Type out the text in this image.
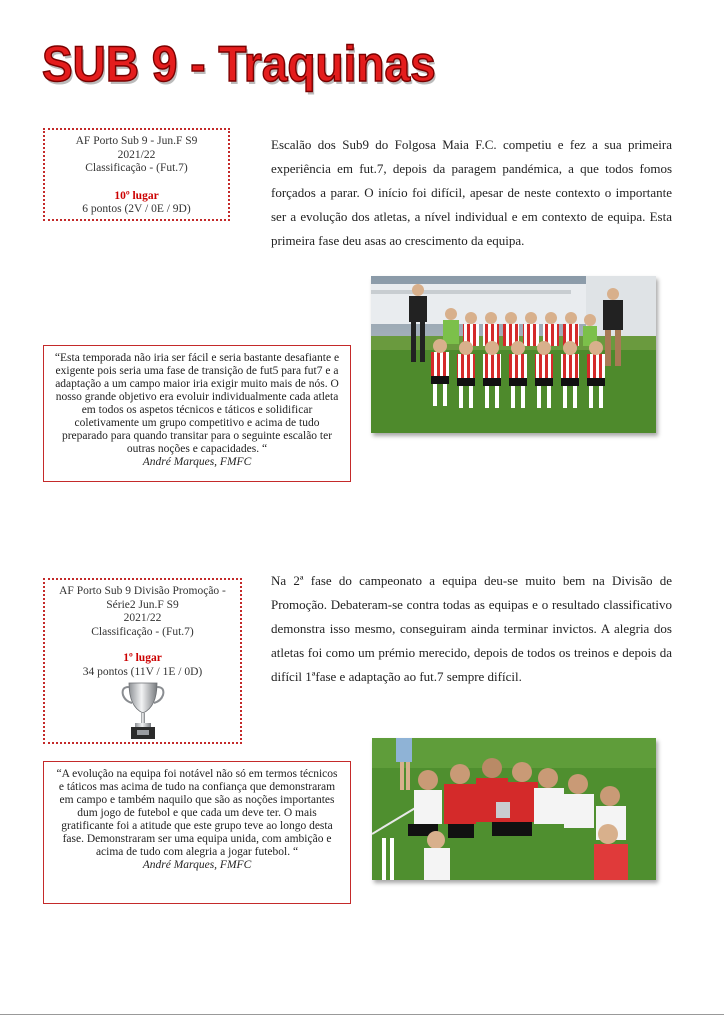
SUB 9 - Traquinas
AF Porto Sub 9 - Jun.F S9
2021/22
Classificação - (Fut.7)
10º lugar
6 pontos (2V / 0E / 9D)

Escalão dos Sub9 do Folgosa Maia F.C. competiu e fez a sua primeira experiência em fut.7, depois da paragem pandémica, a que todos fomos forçados a parar. O início foi difícil, apesar de neste contexto o importante ser a evolução dos atletas, a nível individual e em contexto de equipa. Esta primeira fase deu asas ao crescimento da equipa.

“Esta temporada não iria ser fácil e seria bastante desafiante e exigente pois seria uma fase de transição de fut5 para fut7 e a adaptação a um campo maior iria exigir muito mais de nós. O nosso grande objetivo era evoluir individualmente cada atleta em todos os aspetos técnicos e táticos e solidificar coletivamente um grupo competitivo e acima de tudo preparado para quando transitar para o seguinte escalão ter outras noções e capacidades. “
André Marques, FMFC
AF Porto Sub 9 Divisão Promoção -
Série2 Jun.F S9
2021/22
Classificação - (Fut.7)
1º lugar
34 pontos (11V / 1E / 0D)

Na 2ª fase do campeonato a equipa deu-se muito bem na Divisão de Promoção. Debateram-se contra todas as equipas e o resultado classificativo demonstra isso mesmo, conseguiram ainda terminar invictos. A alegria dos atletas foi como um prémio merecido, depois de todos os treinos e depois da difícil 1ªfase e adaptação ao fut.7 sempre difícil.

“A evolução na equipa foi notável não só em termos técnicos e táticos mas acima de tudo na confiança que demonstraram em campo e também naquilo que são as noções importantes dum jogo de futebol e que cada um deve ter. O mais gratificante foi a atitude que este grupo teve ao longo desta fase. Demonstraram ser uma equipa unida, com ambição e acima de tudo com alegria a jogar futebol. “
André Marques, FMFC
